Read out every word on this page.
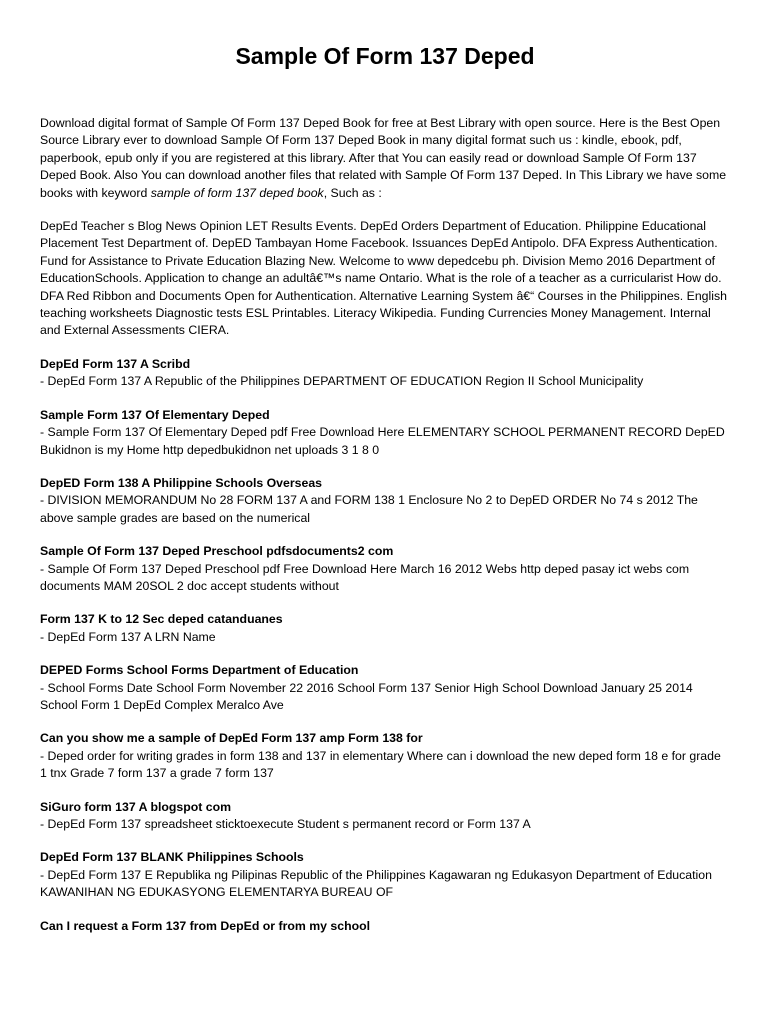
Sample Of Form 137 Deped

Download digital format of Sample Of Form 137 Deped Book for free at Best Library with open source. Here is the Best Open Source Library ever to download Sample Of Form 137 Deped Book in many digital format such us : kindle, ebook, pdf, paperbook, epub only if you are registered at this library. After that You can easily read or download Sample Of Form 137 Deped Book. Also You can download another files that related with Sample Of Form 137 Deped. In This Library we have some books with keyword sample of form 137 deped book, Such as :

DepEd Teacher s Blog News Opinion LET Results Events. DepEd Orders Department of Education. Philippine Educational Placement Test Department of. DepED Tambayan Home Facebook. Issuances DepEd Antipolo. DFA Express Authentication. Fund for Assistance to Private Education Blazing New. Welcome to www depedcebu ph. Division Memo 2016 Department of EducationSchools. Application to change an adultâ€™s name Ontario. What is the role of a teacher as a curricularist How do. DFA Red Ribbon and Documents Open for Authentication. Alternative Learning System â€“ Courses in the Philippines. English teaching worksheets Diagnostic tests ESL Printables. Literacy Wikipedia. Funding Currencies Money Management. Internal and External Assessments CIERA.

DepEd Form 137 A Scribd

- DepEd Form 137 A Republic of the Philippines DEPARTMENT OF EDUCATION Region II School Municipality

Sample Form 137 Of Elementary Deped

- Sample Form 137 Of Elementary Deped pdf Free Download Here ELEMENTARY SCHOOL PERMANENT RECORD DepED Bukidnon is my Home http depedbukidnon net uploads 3 1 8 0

DepED Form 138 A Philippine Schools Overseas

- DIVISION MEMORANDUM No 28 FORM 137 A and FORM 138 1 Enclosure No 2 to DepED ORDER No 74 s 2012 The above sample grades are based on the numerical

Sample Of Form 137 Deped Preschool pdfsdocuments2 com

- Sample Of Form 137 Deped Preschool pdf Free Download Here March 16 2012 Webs http deped pasay ict webs com documents MAM 20SOL 2 doc accept students without

Form 137 K to 12 Sec deped catanduanes

- DepEd Form 137 A LRN Name

DEPED Forms School Forms Department of Education

- School Forms Date School Form November 22 2016 School Form 137 Senior High School Download January 25 2014 School Form 1 DepEd Complex Meralco Ave

Can you show me a sample of DepEd Form 137 amp Form 138 for

- Deped order for writing grades in form 138 and 137 in elementary Where can i download the new deped form 18 e for grade 1 tnx Grade 7 form 137 a grade 7 form 137

SiGuro form 137 A blogspot com

- DepEd Form 137 spreadsheet sticktoexecute Student s permanent record or Form 137 A

DepEd Form 137 BLANK Philippines Schools

- DepEd Form 137 E Republika ng Pilipinas Republic of the Philippines Kagawaran ng Edukasyon Department of Education KAWANIHAN NG EDUKASYONG ELEMENTARYA BUREAU OF

Can I request a Form 137 from DepEd or from my school
